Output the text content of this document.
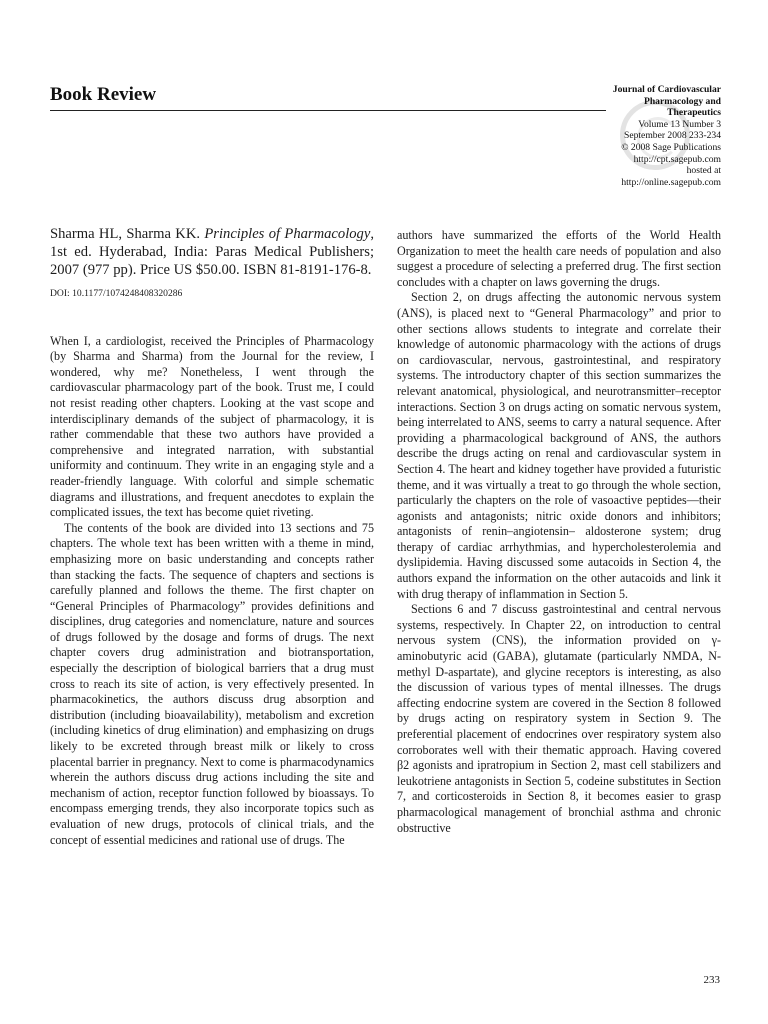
Book Review	Journal of Cardiovascular
Pharmacology and
Therapeutics
Volume 13 Number 3
September 2008 233-234
© 2008 Sage Publications
http://cpt.sagepub.com
hosted at
http://online.sagepub.com

Sharma HL, Sharma KK. Principles of Pharmacology, 1st ed. Hyderabad, India: Paras Medical Publishers; 2007 (977 pp). Price US $50.00. ISBN 81-8191-176-8.

DOI: 10.1177/1074248408320286

When I, a cardiologist, received the Principles of Pharmacology (by Sharma and Sharma) from the Journal for the review, I wondered, why me? Nonetheless, I went through the cardiovascular pharmacology part of the book. Trust me, I could not resist reading other chapters. Looking at the vast scope and interdisciplinary demands of the subject of pharmacology, it is rather commendable that these two authors have provided a comprehensive and integrated narration, with substantial uniformity and continuum. They write in an engaging style and a reader-friendly language. With colorful and simple schematic diagrams and illustrations, and frequent anecdotes to explain the complicated issues, the text has become quiet riveting.

The contents of the book are divided into 13 sections and 75 chapters. The whole text has been written with a theme in mind, emphasizing more on basic understanding and concepts rather than stacking the facts. The sequence of chapters and sections is carefully planned and follows the theme. The first chapter on “General Principles of Pharmacology” provides definitions and disciplines, drug categories and nomenclature, nature and sources of drugs followed by the dosage and forms of drugs. The next chapter covers drug administration and biotransportation, especially the description of biological barriers that a drug must cross to reach its site of action, is very effectively presented. In pharmacokinetics, the authors discuss drug absorption and distribution (including bioavailability), metabolism and excretion (including kinetics of drug elimination) and emphasizing on drugs likely to be excreted through breast milk or likely to cross placental barrier in pregnancy. Next to come is pharmacodynamics wherein the authors discuss drug actions including the site and mechanism of action, receptor function followed by bioassays. To encompass emerging trends, they also incorporate topics such as evaluation of new drugs, protocols of clinical trials, and the concept of essential medicines and rational use of drugs. The

authors have summarized the efforts of the World Health Organization to meet the health care needs of population and also suggest a procedure of selecting a preferred drug. The first section concludes with a chapter on laws governing the drugs.

Section 2, on drugs affecting the autonomic nervous system (ANS), is placed next to “General Pharmacology” and prior to other sections allows students to integrate and correlate their knowledge of autonomic pharmacology with the actions of drugs on cardiovascular, nervous, gastrointestinal, and respiratory systems. The introductory chapter of this section summarizes the relevant anatomical, physiological, and neurotransmitter–receptor interactions. Section 3 on drugs acting on somatic nervous system, being interrelated to ANS, seems to carry a natural sequence. After providing a pharmacological background of ANS, the authors describe the drugs acting on renal and cardiovascular system in Section 4. The heart and kidney together have provided a futuristic theme, and it was virtually a treat to go through the whole section, particularly the chapters on the role of vasoactive peptides—their agonists and antagonists; nitric oxide donors and inhibitors; antagonists of renin–angiotensin– aldosterone system; drug therapy of cardiac arrhythmias, and hypercholesterolemia and dyslipidemia. Having discussed some autacoids in Section 4, the authors expand the information on the other autacoids and link it with drug therapy of inflammation in Section 5.

Sections 6 and 7 discuss gastrointestinal and central nervous systems, respectively. In Chapter 22, on introduction to central nervous system (CNS), the information provided on γ-aminobutyric acid (GABA), glutamate (particularly NMDA, N-methyl D-aspartate), and glycine receptors is interesting, as also the discussion of various types of mental illnesses. The drugs affecting endocrine system are covered in the Section 8 followed by drugs acting on respiratory system in Section 9. The preferential placement of endocrines over respiratory system also corroborates well with their thematic approach. Having covered β2 agonists and ipratropium in Section 2, mast cell stabilizers and leukotriene antagonists in Section 5, codeine substitutes in Section 7, and corticosteroids in Section 8, it becomes easier to grasp pharmacological management of bronchial asthma and chronic obstructive

233
